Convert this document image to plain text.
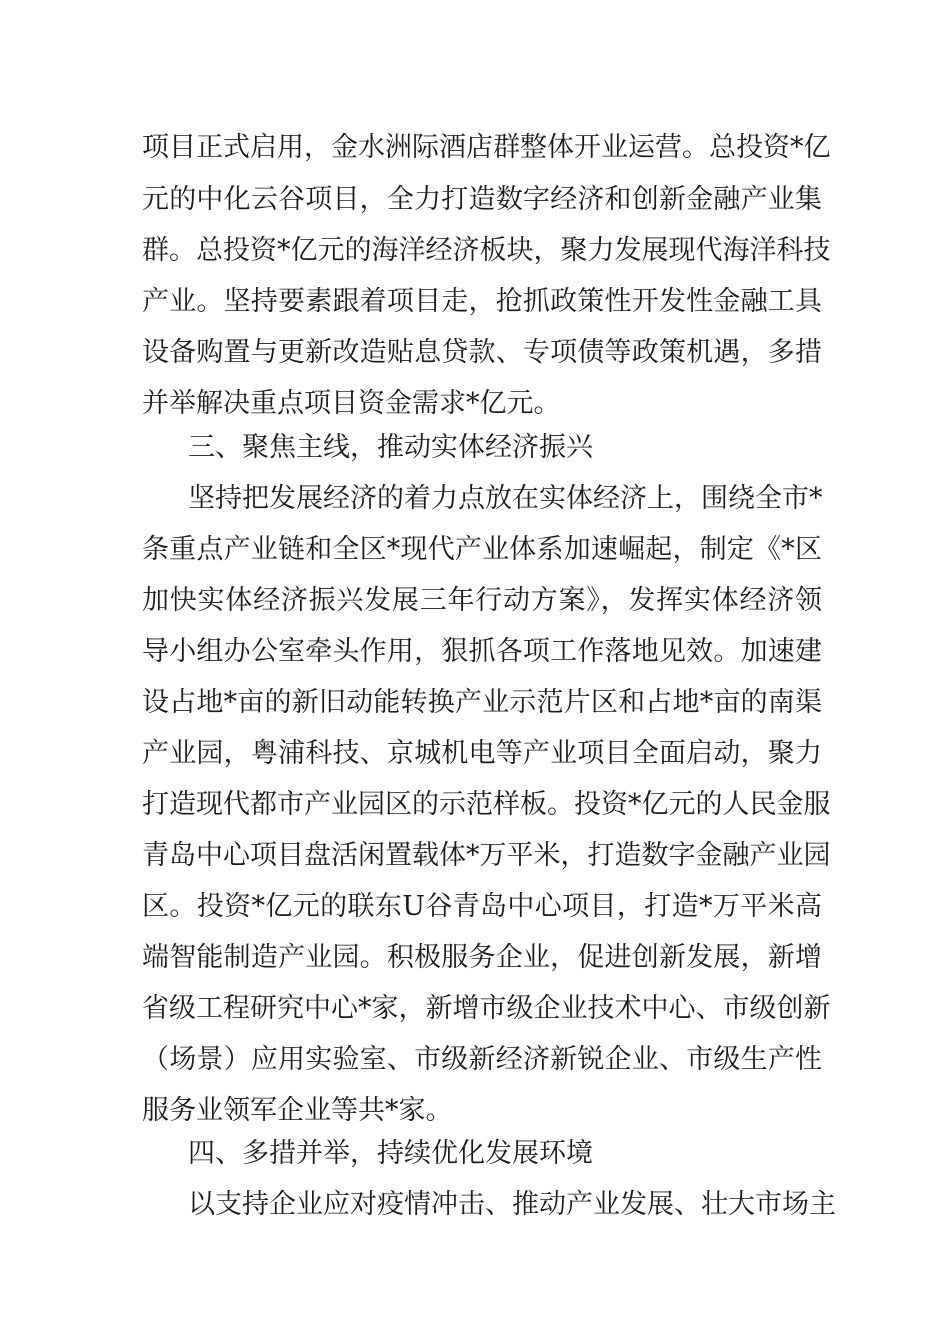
项目正式启用，金水洲际酒店群整体开业运营。总投资*亿
元的中化云谷项目，全力打造数字经济和创新金融产业集
群。总投资*亿元的海洋经济板块，聚力发展现代海洋科技
产业。坚持要素跟着项目走，抢抓政策性开发性金融工具
设备购置与更新改造贴息贷款、专项债等政策机遇，多措
并举解决重点项目资金需求*亿元。
三、聚焦主线，推动实体经济振兴
坚持把发展经济的着力点放在实体经济上，围绕全市*
条重点产业链和全区*现代产业体系加速崛起，制定《*区
加快实体经济振兴发展三年行动方案》，发挥实体经济领
导小组办公室牵头作用，狠抓各项工作落地见效。加速建
设占地*亩的新旧动能转换产业示范片区和占地*亩的南渠
产业园，粤浦科技、京城机电等产业项目全面启动，聚力
打造现代都市产业园区的示范样板。投资*亿元的人民金服
青岛中心项目盘活闲置载体*万平米，打造数字金融产业园
区。投资*亿元的联东U谷青岛中心项目，打造*万平米高
端智能制造产业园。积极服务企业，促进创新发展，新增
省级工程研究中心*家，新增市级企业技术中心、市级创新
（场景）应用实验室、市级新经济新锐企业、市级生产性
服务业领军企业等共*家。
四、多措并举，持续优化发展环境
以支持企业应对疫情冲击、推动产业发展、壮大市场主
